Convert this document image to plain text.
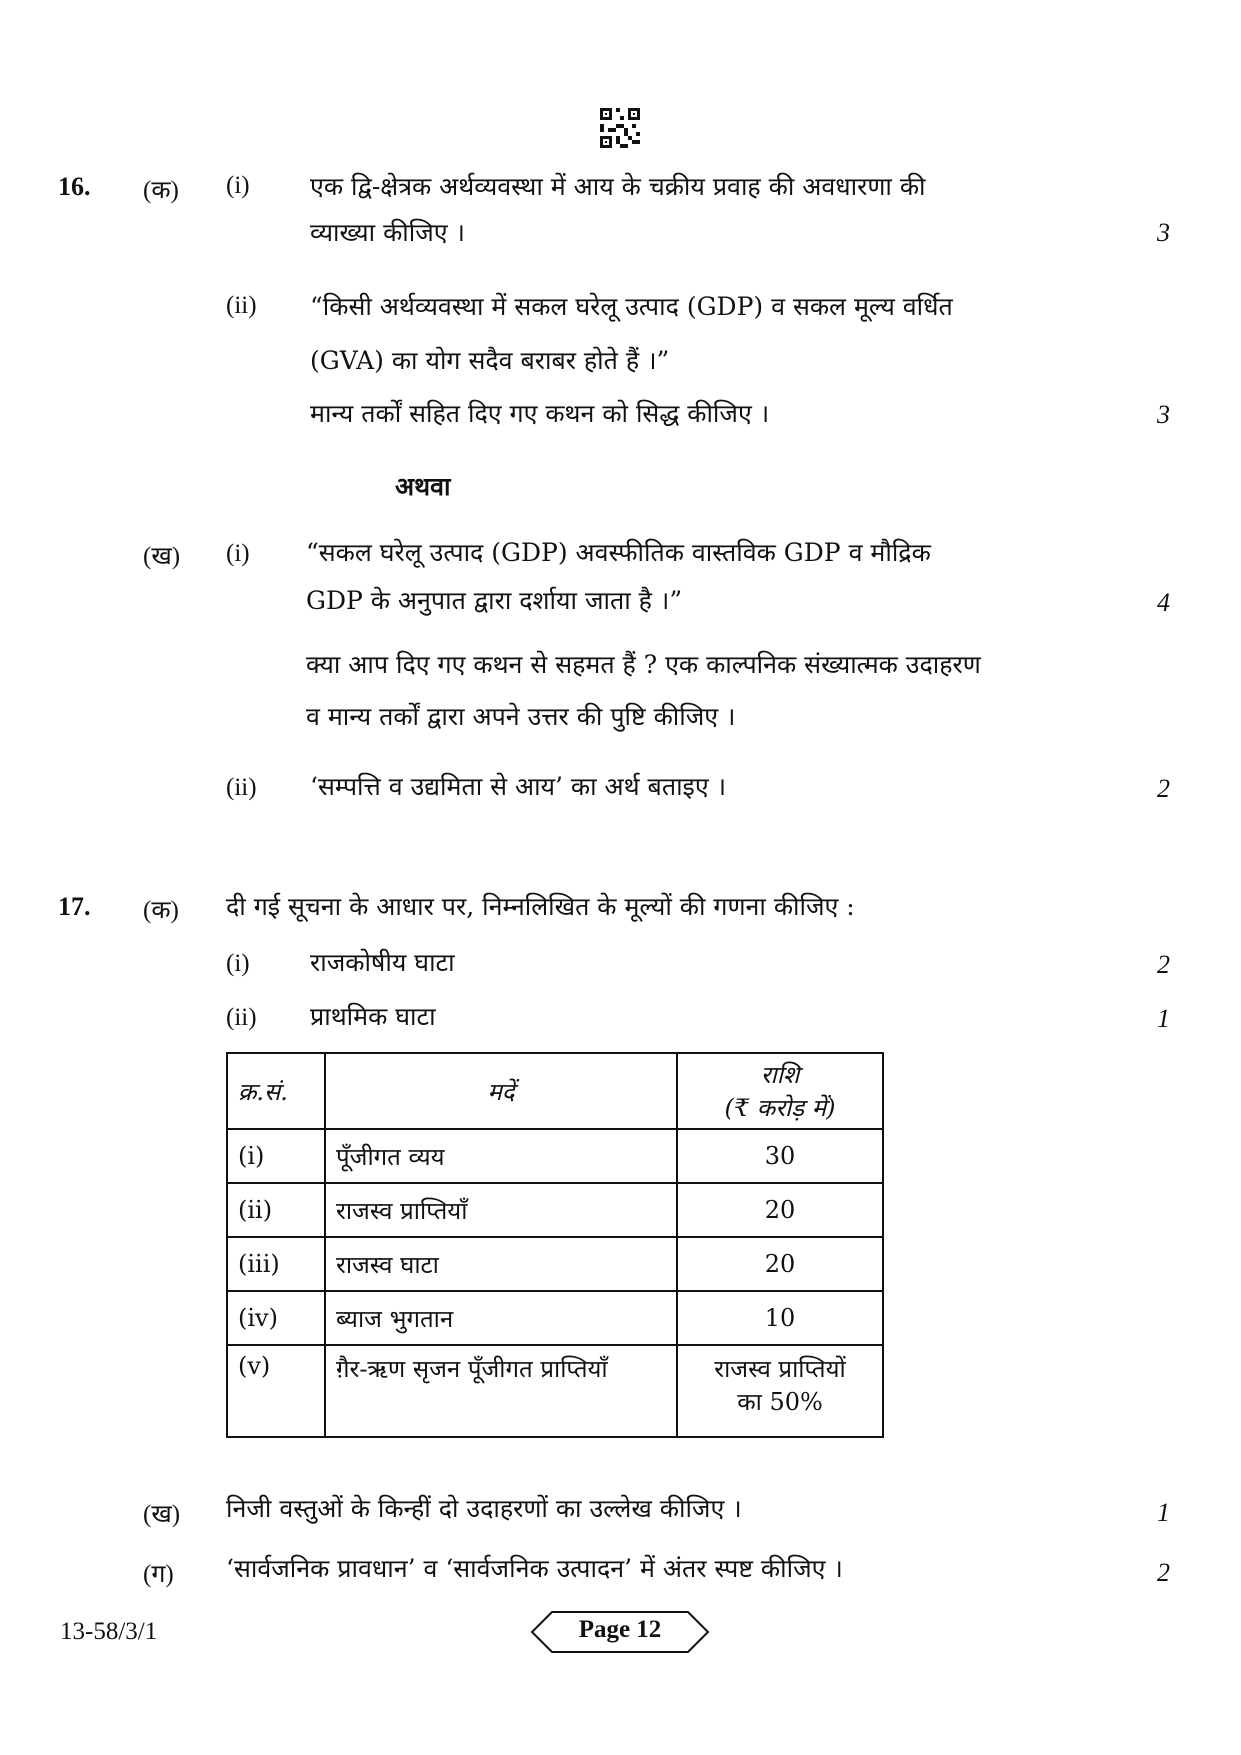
16. (क) (i) एक द्वि-क्षेत्रक अर्थव्यवस्था में आय के चक्रीय प्रवाह की अवधारणा की
व्याख्या कीजिए ।	3
(ii) “किसी अर्थव्यवस्था में सकल घरेलू उत्पाद (GDP) व सकल मूल्य वर्धित
(GVA) का योग सदैव बराबर होते हैं ।”
मान्य तर्कों सहित दिए गए कथन को सिद्ध कीजिए ।	3
अथवा
(ख) (i) “सकल घरेलू उत्पाद (GDP) अवस्फीतिक वास्तविक GDP व मौद्रिक
GDP के अनुपात द्वारा दर्शाया जाता है ।”	4
क्या आप दिए गए कथन से सहमत हैं ? एक काल्पनिक संख्यात्मक उदाहरण
व मान्य तर्कों द्वारा अपने उत्तर की पुष्टि कीजिए ।
(ii) ‘सम्पत्ति व उद्यमिता से आय’ का अर्थ बताइए ।	2
17. (क) दी गई सूचना के आधार पर, निम्नलिखित के मूल्यों की गणना कीजिए :
(i) राजकोषीय घाटा	2
(ii) प्राथमिक घाटा	1
क्र.सं.	मदें	राशि
(₹ करोड़ में)

(i)	पूँजीगत व्यय	30
(ii)	राजस्व प्राप्तियाँ	20
(iii)	राजस्व घाटा	20
(iv)	ब्याज भुगतान	10
(v)	ग़ैर-ऋण सृजन पूँजीगत प्राप्तियाँ	राजस्व प्राप्तियों
का 50%
(ख) निजी वस्तुओं के किन्हीं दो उदाहरणों का उल्लेख कीजिए ।	1
(ग) ‘सार्वजनिक प्रावधान’ व ‘सार्वजनिक उत्पादन’ में अंतर स्पष्ट कीजिए ।	2
13-58/3/1	Page 12
